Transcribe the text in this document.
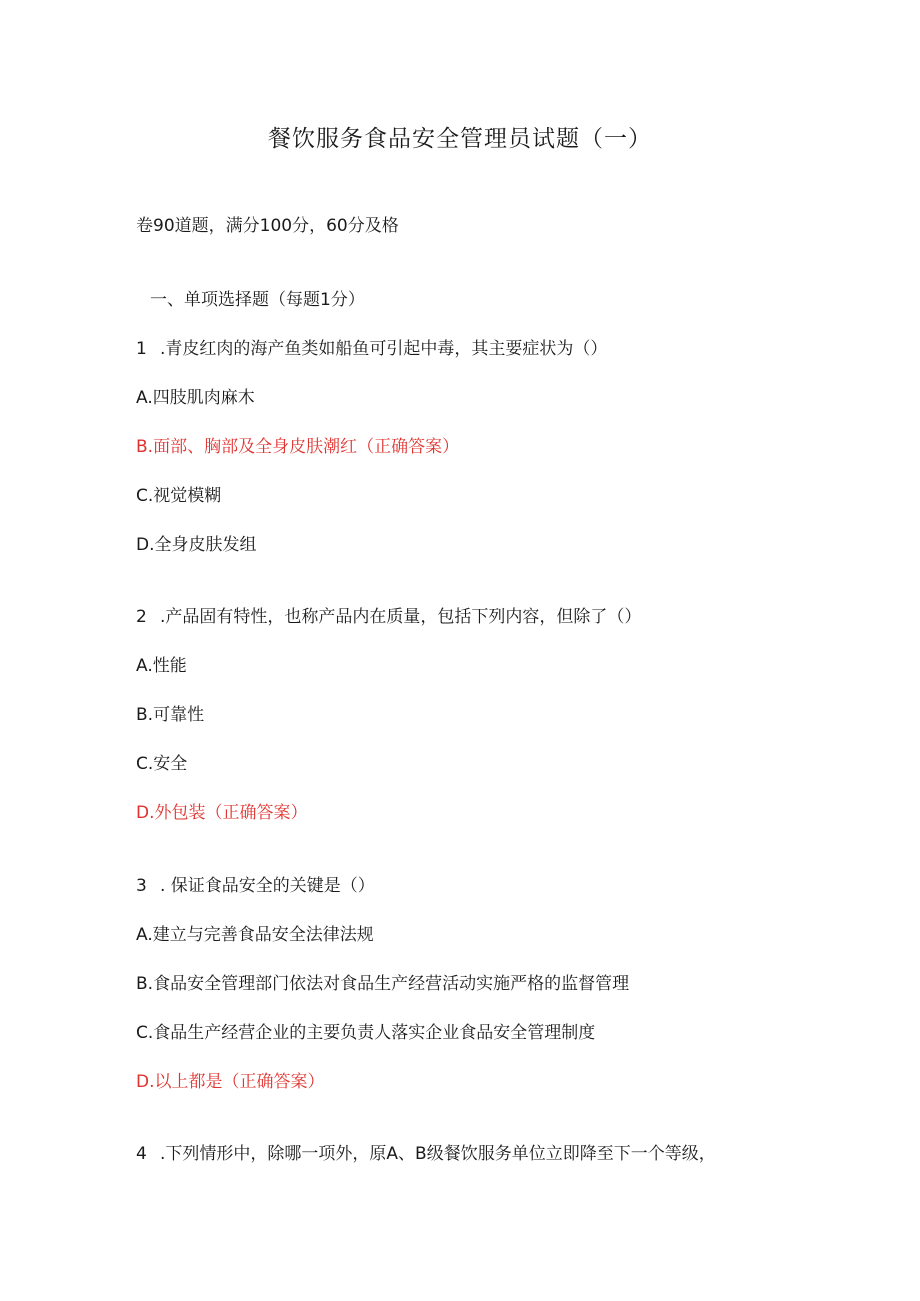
餐饮服务食品安全管理员试题（一）
卷90道题，满分100分，60分及格
一、单项选择题（每题1分）
1 .青皮红肉的海产鱼类如船鱼可引起中毒，其主要症状为（）
A.四肢肌肉麻木
B.面部、胸部及全身皮肤潮红（正确答案）
C.视觉模糊
D.全身皮肤发组
2 .产品固有特性，也称产品内在质量，包括下列内容，但除了（）
A.性能
B.可靠性
C.安全
D.外包装（正确答案）
3 . 保证食品安全的关键是（）
A.建立与完善食品安全法律法规
B.食品安全管理部门依法对食品生产经营活动实施严格的监督管理
C.食品生产经营企业的主要负责人落实企业食品安全管理制度
D.以上都是（正确答案）
4 .下列情形中，除哪一项外，原A、B级餐饮服务单位立即降至下一个等级，
